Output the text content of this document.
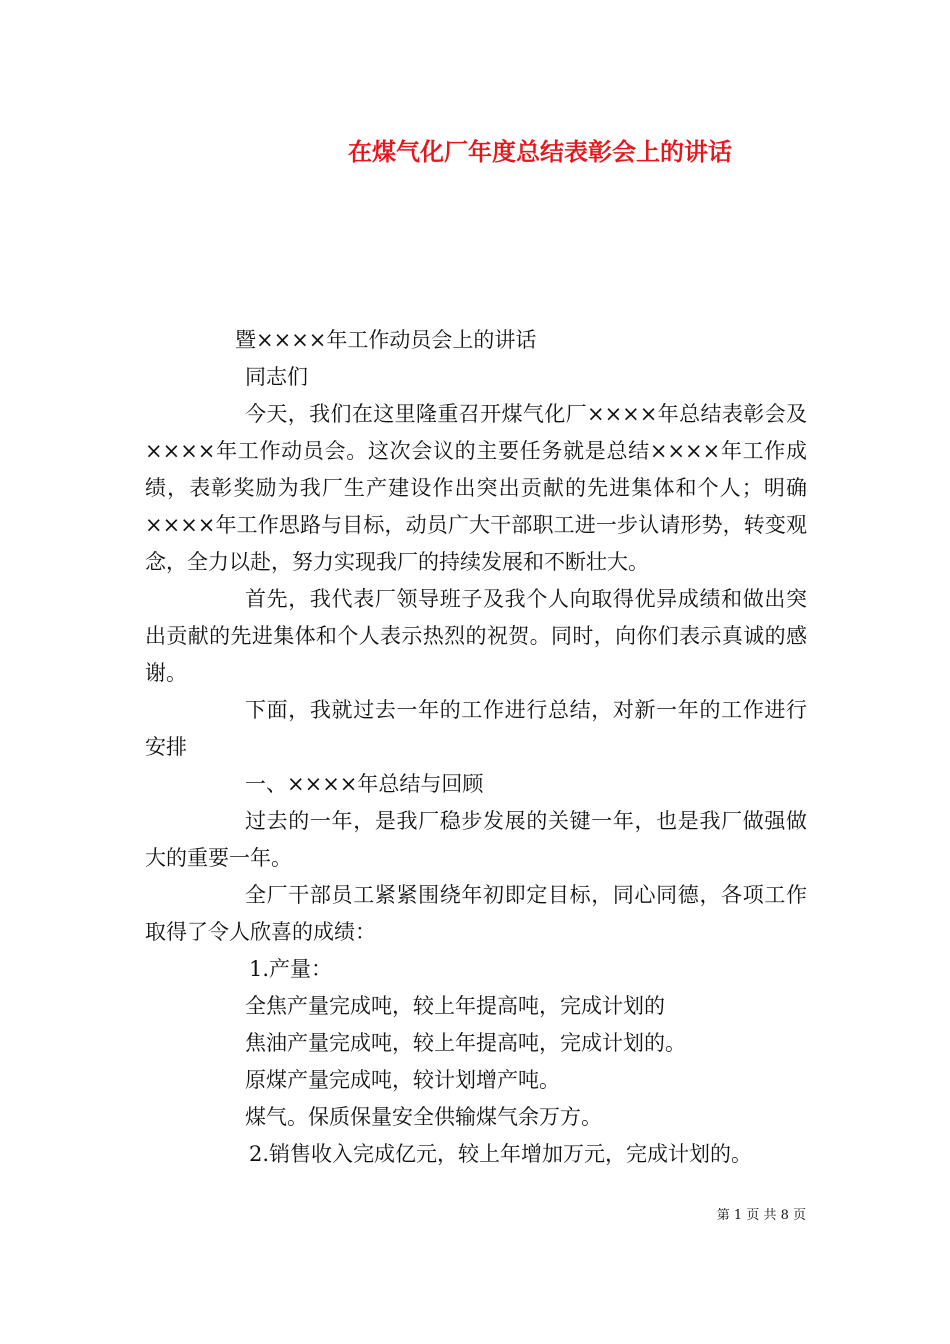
在煤气化厂年度总结表彰会上的讲话

暨××××年工作动员会上的讲话

同志们

今天，我们在这里隆重召开煤气化厂××××年总结表彰会及××××年工作动员会。这次会议的主要任务就是总结××××年工作成绩，表彰奖励为我厂生产建设作出突出贡献的先进集体和个人；明确××××年工作思路与目标，动员广大干部职工进一步认请形势，转变观念，全力以赴，努力实现我厂的持续发展和不断壮大。

首先，我代表厂领导班子及我个人向取得优异成绩和做出突出贡献的先进集体和个人表示热烈的祝贺。同时，向你们表示真诚的感谢。

下面，我就过去一年的工作进行总结，对新一年的工作进行安排

一、××××年总结与回顾

过去的一年，是我厂稳步发展的关键一年，也是我厂做强做大的重要一年。

全厂干部员工紧紧围绕年初即定目标，同心同德，各项工作取得了令人欣喜的成绩：

1.产量：

全焦产量完成吨，较上年提高吨，完成计划的

焦油产量完成吨，较上年提高吨，完成计划的。

原煤产量完成吨，较计划增产吨。

煤气。保质保量安全供输煤气余万方。

2.销售收入完成亿元，较上年增加万元，完成计划的。

第 1 页 共 8 页
